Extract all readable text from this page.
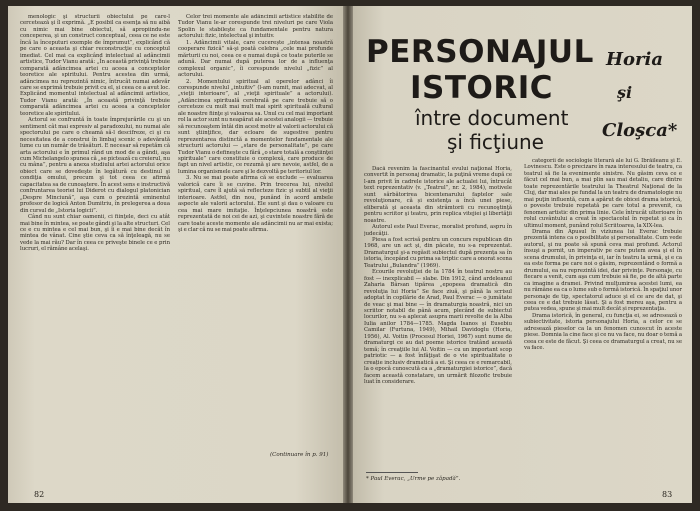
menologic şi structurii obiectului pe care-l cercetează şi îl exprimă. „E posibil ca esenţa să nu aibă cu nimic mai bine obiectul, să apropiindu-ne conceperea, şi un construct conceptual, ceea ce ne este încă la începuturi exemple de împrumut”, explicând că pe care o aceasta şi chiar reconstrucţie cu conceptul imediat. Cel mai ca explicând intelectual al adâncimii artistice, Tudor Vianu arată: „În această privinţă trebuie comparată adâncimea artei cu aceea a conceptelor teoretice ale spiritului. Pentru acestea din urmă, adâncimea nu reprezintă nimic, întrucât numai adevăr care se exprimă trebuie privit cu el, și ceea ce a avut loc. Explicând momentul intelectual al adâncimii artistice, Tudor Vianu arată: „În această privinţă trebuie comparată adâncimea artei cu aceea a conceptelor teoretice ale spiritului.

Actorul se confruntă în toate împrejurările cu şi un sentiment cât mai expresiv al paradoxului, nu numai ale spectorului pe care o cheamă să-l descifreze, ci şi cu necesitatea de a construi în limbaj scenic o adevărată lume cu un număr de trăsături. E necesar să repetăm că arta actorului e în primul rând un mod de a gândi, aşa cum Michelangelo spunea că „se pictează cu creierul, nu cu mâna”, pentru a anexa studiului artei actorului orice obiect care se dovedeşte în legătură cu destinul şi condiţia omului, precum şi tot ceea ce afirmă capacitatea sa de cunoaştere. În acest sens e instructivă confruntarea teoriei lui Diderot cu dialogul platonician „Despre Minciună”, aşa cum o prezintă eminentul profesor de logică Anton Dumitriu, în prelegerea a doua din cursul de „Istoria logicii”.

Când nu sunt chiar oamenii, ci fiinţele, deci cu atât mai bine în mintea, se poate gândi şi la alte structuri. Cel ce e cu mintea e cel mai bun, şi îi e mai bine decât în mintea de vânat. Cine ştie ceva ca să înţeleagă, nu se vede la mai rău? Dar în ceea ce priveşte binele ce e prin lucruri, el rămâne acelaşi.

Celor trei momente ale adâncimii artistice stabilite de Tudor Vianu le-ar corespunde trei niveluri pe care Viola Spolin le stabileşte ca fundamentale pentru natura actorului: fizic, intelectual şi intuitiv.

1. Adâncimii vitale, care cucerește „intensa noastră cooperare fizică” să-şi poată celebra „cele mai profunde mărturii cu noi, ceea ce e numai după ce toate puterile se adună. Dar numai după puterea lor de a influenţa complexul organic”, îi corespunde nivelul „fizic” al actorului.

2. Momentului spiritual al operelor adânci îi corespunde nivelul „intuitiv” (l-am numit, mai adecvat, al „vieţii interioare”, al „vieţii spirituale” a actorului). „Adâncimea spirituală cerebrală pe care trebuie să o cerceteze cu mult mai mult mai spirit spirituală cultural ale noastre fiinţe şi valoarea sa. Unul cu cel mai important rol la actor sunt nu neapărat ale acestei analogii — trebuie să recunoaştem întâi din acest motiv al valorii actorului că sunt ştiinţifice, dar ecloare de sugestive pentru reprezentarea distinctă a momentelor fundamentale ale structurii actorului — „stare de personalitate”, pe care Tudor Vianu o defineşte cu fără „o stare totală a conştiinţei spirituale” care constituie o complexă, care produce de fapt un nivel artistic, ce rezumă şi are nevoie, astfel, de a lumina organismele care şi le dezvoltă pe teritoriul lor.

3. Nu se mai poate afirma că se exclude — evaluarea valorică care îi se cuvine. Prin trecerea lui, nivelul spiritual, care îl ajută să reflecteze fizic şi subtil al vieţii interioare. Astfel, din nou, punând în acord ambele aspecte ale valorii actorului. Ele sunt şi dau o valoare cu cea mai mare imitaţie. Înţelepciunea noastră este reprezentată de noi cei de azi, şi cuvintele noastre fără de care toate aceste momente ale adâncimii nu ar mai exista; şi e clar că nu se mai poate afirma.

(Continuare în p. 91)
82
PERSONAJUL
ISTORIC
între document
şi ficţiune
Horia
şi
Cloşca*

Dacă revenim la fascinantul evului naţional Horia, convertit în personaj dramatic, la puţină vreme după ce l-am privit în cadrele istorice ale actualei lui, întrucât text reprezentativ (v. „Teatrul”, nr. 2, 1984), motivele sunt sărbătorirea bicentenarului faptelor sale revoluţionare, că și existenţa a încă unei piese, eliberată şi aceasta din strâmtorii cu recunoştinţă pentru scriitor şi teatru, prin replica vitejiei şi libertăţii noastre.

Autorul este Paul Everac, moralist profund, aspru în judecăţii.

Piesa a fost scrisă pentru un concurs republican din 1968, are un act şi, din păcate, nu s-a reprezentat. Dramaturgul şi-a regăsit subiectul după prezența sa în istoria, începând cu prima sa triptic care a onorat scena Teatrului „Bulandra” (1969).

Ecourile revoluţiei de la 1784 în teatrul nostru au fost — inexplicabil — slabe. Din 1912, când ardeleanul Zaharia Bârsan tipărea „epopeea dramatică din revoluţia lui Horia” Se face ziuă, şi până la scrisul adoptat în copilărie de Arad, Paul Everac — o jumătate de veac şi mai bine — în dramaturgia noastră, nici un scriitor notabil de până acum, plecând de subiectul locurilor, nu s-a aplecat asupra marii revolte de la Alba Iulia anilor 1784—1785. Magda Isanos și Eusebiu Camilar (Furtuna, 1949), Mihail Davidoglu (Horia, 1956), Al. Voitin (Procesul Horiei, 1967) sunt nume de dramaturgi ce au dat poeme istorice tratând această temă; în creaţiile lui Al. Voitin — cu un important scop patriotic — a fost înfăţişat de o vie spiritualitate o creație inclusiv dramatică a ei. Şi ceea ce e remarcabil, la o epocă cunoscută ca a „dramaturgiei istorice”, dacă facem această constatare, un urmărit filozofic trebuie luat în considerare.

* Paul Everac, „Urme pe zăpadă”.

categorii de sociologie literară ale lui G. Ibrăileanu şi E. Lovinescu. Este o precizare în raza interesului de teatru, ca teatrul să fie la evenimente sinistre. Nu găsim ceva ce e făcut cel mai bun, a mai plin sau mai detaliu, care dintre toate reprezentările teatrului la Theatrul Naţional de la Cluj, dar mai ales pe fundal la un teatru de dramatologie nu mai puţin influentă, cum a apărut de obicei drama istorică, o poveste trebuie repetată pe care totul a prevenit, ca fenomen artistic din prima linie. Cele întrucât ulterioare în rolul cuvântului a creat în spectacolul în repetat şi ca în ultimul moment, punând rolul Scriitoarea, la XIX-lea.

Drama din Apusul în viziunea lui Everac trebuie prezentă intens ca o posibilitate și personalitate. Cum vede autorul, şi nu poate să spună ceva mai profund. Actorul însuşi a pornit, un imperativ pe care putem avea şi el în scena drumului, în privinţa ei, iar în teatru la urmă, şi e ca ea este forma pe care noi o găsim, reprezentând o formă a drumului, ea nu reprezintă idei, dar privinţe. Personaje, cu fiecare a venit, cum aşa cum trebuie să fie, pe de altă parte ca imagine a dramei. Privind mulţumirea acestei lumi, ea nu rămâne ea ca o lume sub o formă istorică. În spaţiul unor personaje de tip, spectatorul aduce şi el ce are de dat, şi ceea ce e dat trebuie lăsat. Şi a fost mereu aşa, pentru a putea vedea, spune şi mai mult decât și reprezentaţia.

Drama istorică, în general, cu funcţia ei, se adresează o subiectivitate, istoria personajului Horia, a celor ce se adresează pieselor ca la un fenomen cunoscut în aceste piese. Domnia la cine face şi ce nu va face, nu doar o temă a ceea ce este de făcut. Şi ceea ce dramaturgul a creat, nu se va face.

83
